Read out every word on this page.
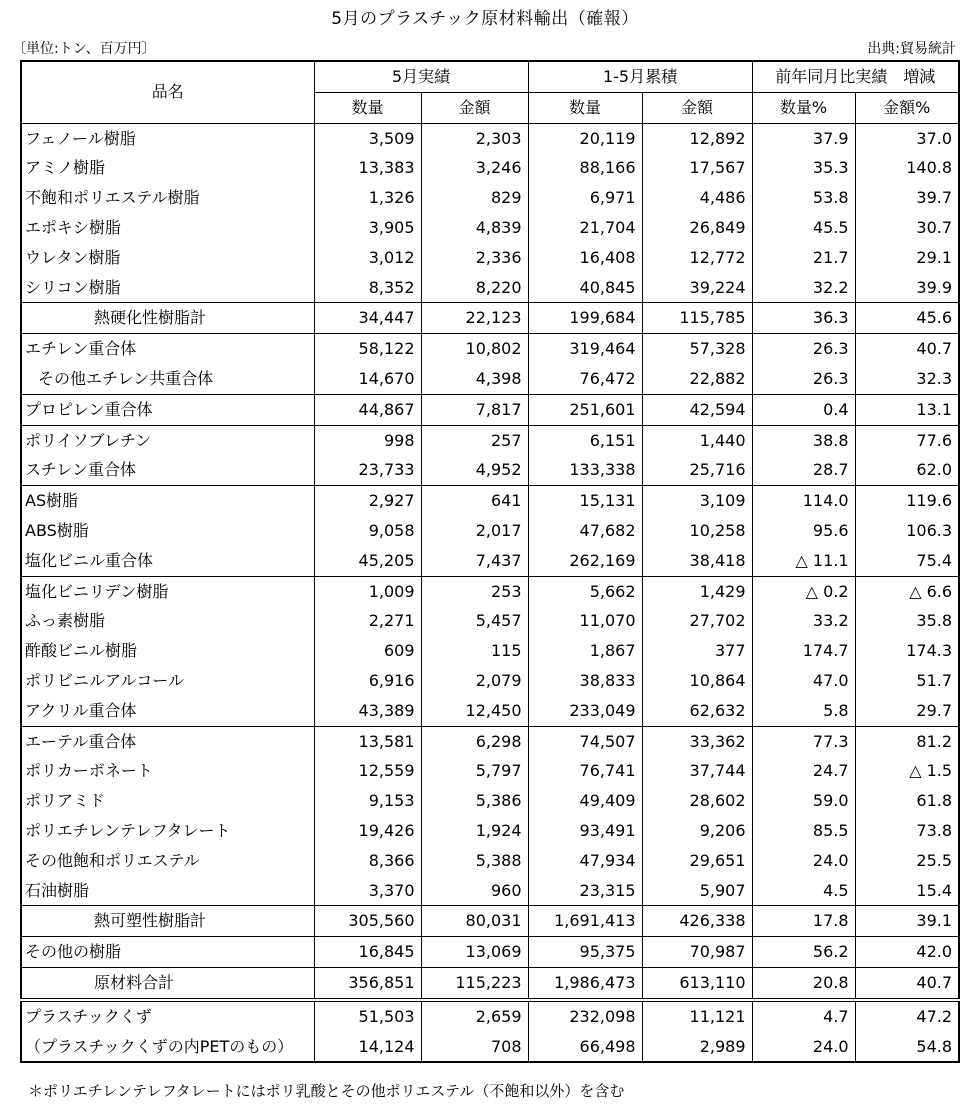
5月のプラスチック原材料輸出（確報）
〔単位:トン、百万円〕	出典:貿易統計
品名	5月実績		1-5月累積		前年同月比実績　増減	
	数量	金額	数量	金額	数量%	金額%
フェノール樹脂	3,509	2,303	20,119	12,892	37.9	37.0
アミノ樹脂	13,383	3,246	88,166	17,567	35.3	140.8
不飽和ポリエステル樹脂	1,326	829	6,971	4,486	53.8	39.7
エポキシ樹脂	3,905	4,839	21,704	26,849	45.5	30.7
ウレタン樹脂	3,012	2,336	16,408	12,772	21.7	29.1
シリコン樹脂	8,352	8,220	40,845	39,224	32.2	39.9
熱硬化性樹脂計	34,447	22,123	199,684	115,785	36.3	45.6
エチレン重合体	58,122	10,802	319,464	57,328	26.3	40.7
その他エチレン共重合体	14,670	4,398	76,472	22,882	26.3	32.3
プロピレン重合体	44,867	7,817	251,601	42,594	0.4	13.1
ポリイソブレチン	998	257	6,151	1,440	38.8	77.6
スチレン重合体	23,733	4,952	133,338	25,716	28.7	62.0
AS樹脂	2,927	641	15,131	3,109	114.0	119.6
ABS樹脂	9,058	2,017	47,682	10,258	95.6	106.3
塩化ビニル重合体	45,205	7,437	262,169	38,418	△ 11.1	75.4
塩化ビニリデン樹脂	1,009	253	5,662	1,429	△ 0.2	△ 6.6
ふっ素樹脂	2,271	5,457	11,070	27,702	33.2	35.8
酢酸ビニル樹脂	609	115	1,867	377	174.7	174.3
ポリビニルアルコール	6,916	2,079	38,833	10,864	47.0	51.7
アクリル重合体	43,389	12,450	233,049	62,632	5.8	29.7
エーテル重合体	13,581	6,298	74,507	33,362	77.3	81.2
ポリカーボネート	12,559	5,797	76,741	37,744	24.7	△ 1.5
ポリアミド	9,153	5,386	49,409	28,602	59.0	61.8
ポリエチレンテレフタレート	19,426	1,924	93,491	9,206	85.5	73.8
その他飽和ポリエステル	8,366	5,388	47,934	29,651	24.0	25.5
石油樹脂	3,370	960	23,315	5,907	4.5	15.4
熱可塑性樹脂計	305,560	80,031	1,691,413	426,338	17.8	39.1
その他の樹脂	16,845	13,069	95,375	70,987	56.2	42.0
原材料合計	356,851	115,223	1,986,473	613,110	20.8	40.7
プラスチックくず	51,503	2,659	232,098	11,121	4.7	47.2
（プラスチックくずの内PETのもの）	14,124	708	66,498	2,989	24.0	54.8
＊ポリエチレンテレフタレートにはポリ乳酸とその他ポリエステル（不飽和以外）を含む
